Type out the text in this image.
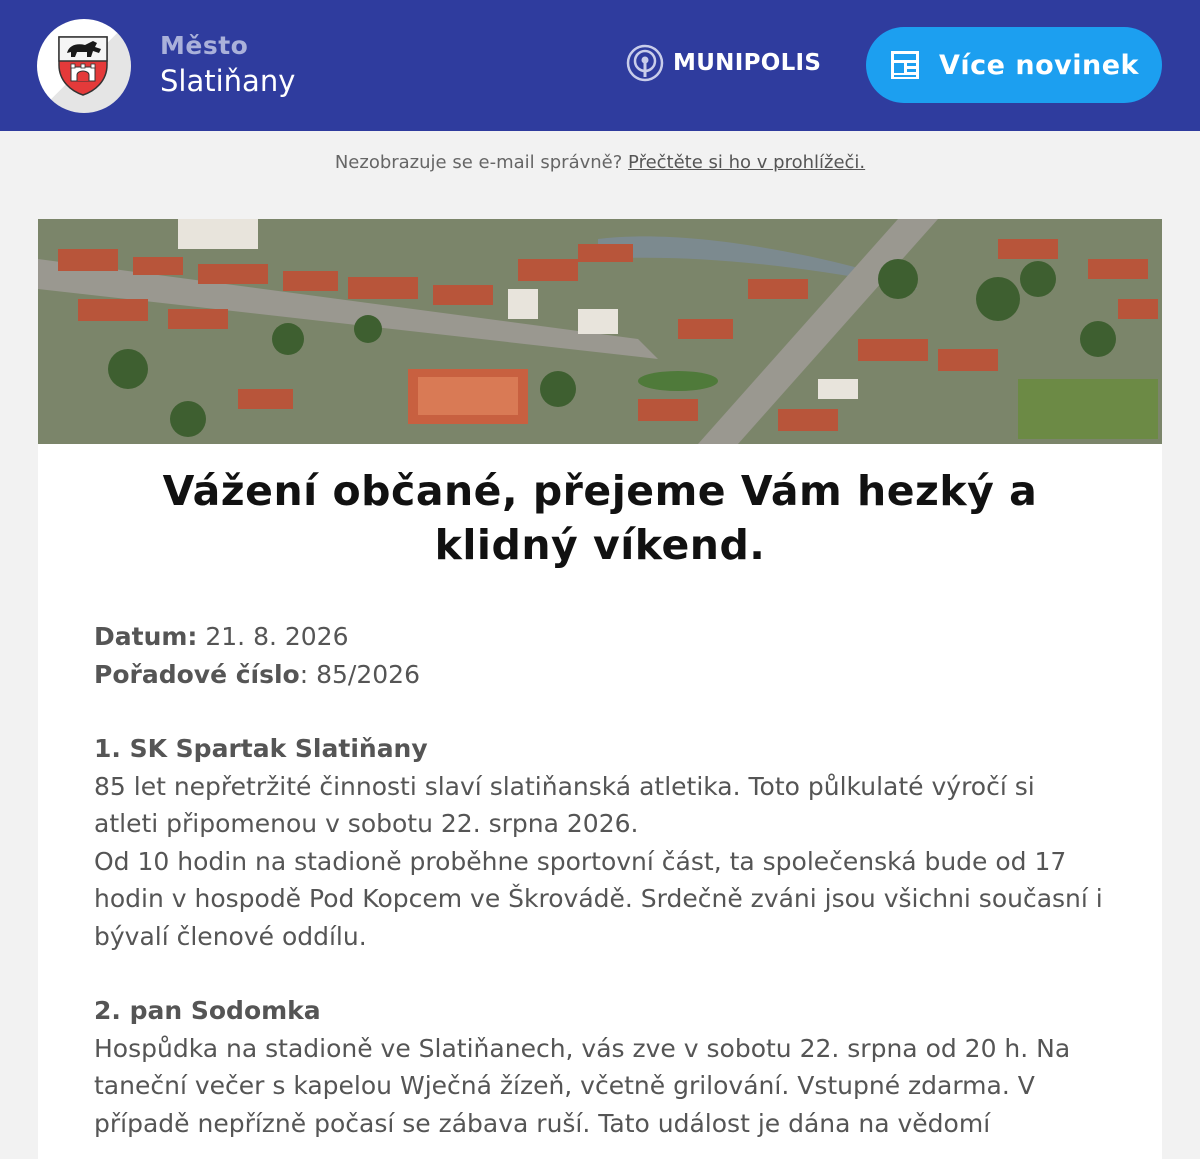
Město
Slatiňany
MUNIPOLIS	Více novinek
Nezobrazuje se e-mail správně? Přečtěte si ho v prohlížeči.
Vážení občané, přejeme Vám hezký a klidný víkend.
Datum: 21. 8. 2026
Pořadové číslo: 85/2026
1. SK Spartak Slatiňany
85 let nepřetržité činnosti slaví slatiňanská atletika. Toto půlkulaté výročí si atleti připomenou v sobotu 22. srpna 2026.
Od 10 hodin na stadioně proběhne sportovní část, ta společenská bude od 17 hodin v hospodě Pod Kopcem ve Škrovádě. Srdečně zváni jsou všichni současní i bývalí členové oddílu.
2. pan Sodomka
Hospůdka na stadioně ve Slatiňanech, vás zve v sobotu 22. srpna od 20 h. Na taneční večer s kapelou Wječná žízeň, včetně grilování. Vstupné zdarma. V případě nepřízně počasí se zábava ruší. Tato událost je dána na vědomí
